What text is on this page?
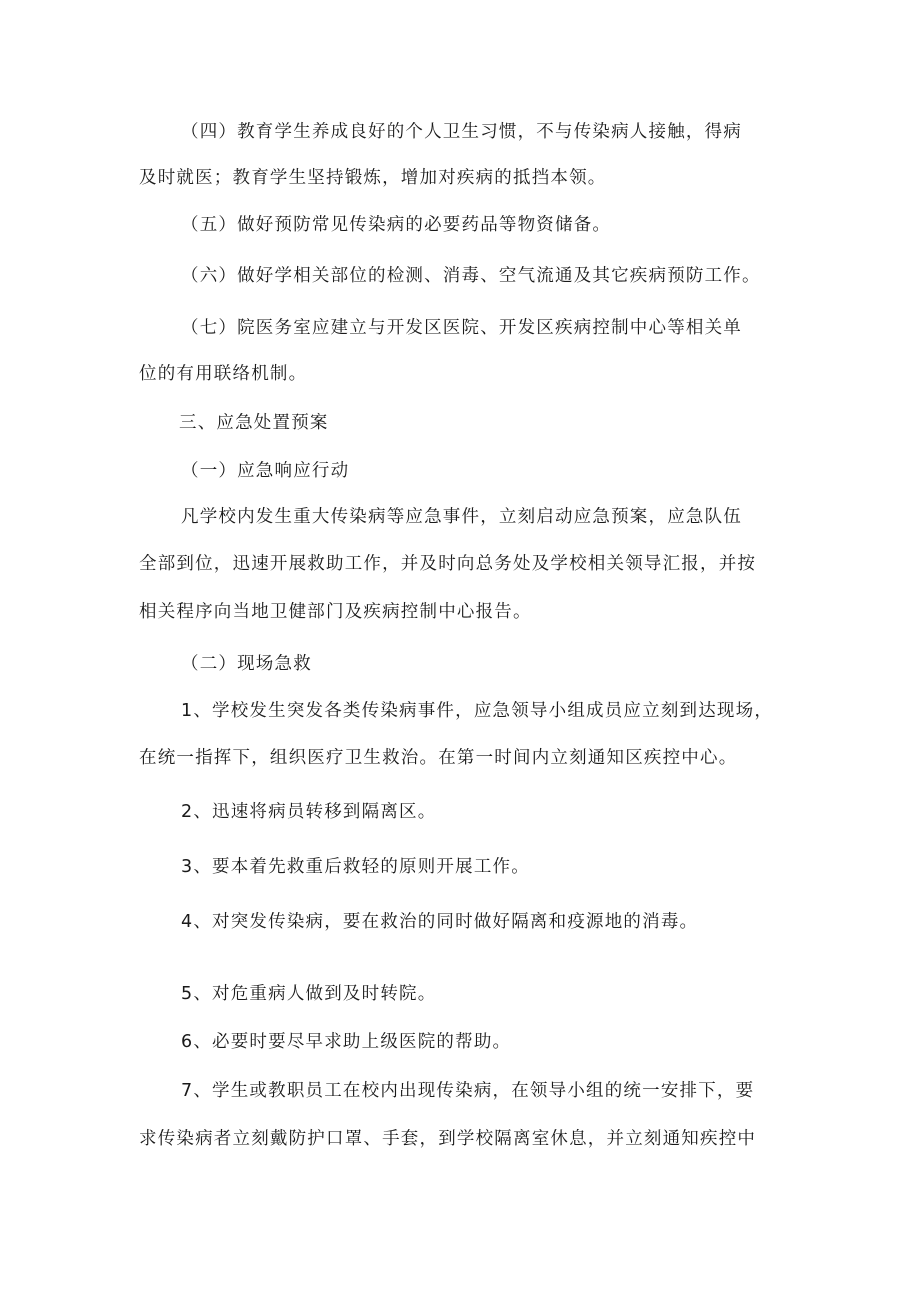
（四）教育学生养成良好的个人卫生习惯，不与传染病人接触，得病

及时就医；教育学生坚持锻炼，增加对疾病的抵挡本领。

（五）做好预防常见传染病的必要药品等物资储备。

（六）做好学相关部位的检测、消毒、空气流通及其它疾病预防工作。

（七）院医务室应建立与开发区医院、开发区疾病控制中心等相关单

位的有用联络机制。

三、应急处置预案

（一）应急响应行动

凡学校内发生重大传染病等应急事件，立刻启动应急预案，应急队伍

全部到位，迅速开展救助工作，并及时向总务处及学校相关领导汇报，并按

相关程序向当地卫健部门及疾病控制中心报告。

（二）现场急救

1、学校发生突发各类传染病事件，应急领导小组成员应立刻到达现场，

在统一指挥下，组织医疗卫生救治。在第一时间内立刻通知区疾控中心。

2、迅速将病员转移到隔离区。

3、要本着先救重后救轻的原则开展工作。

4、对突发传染病，要在救治的同时做好隔离和疫源地的消毒。

5、对危重病人做到及时转院。

6、必要时要尽早求助上级医院的帮助。

7、学生或教职员工在校内出现传染病，在领导小组的统一安排下，要

求传染病者立刻戴防护口罩、手套，到学校隔离室休息，并立刻通知疾控中
